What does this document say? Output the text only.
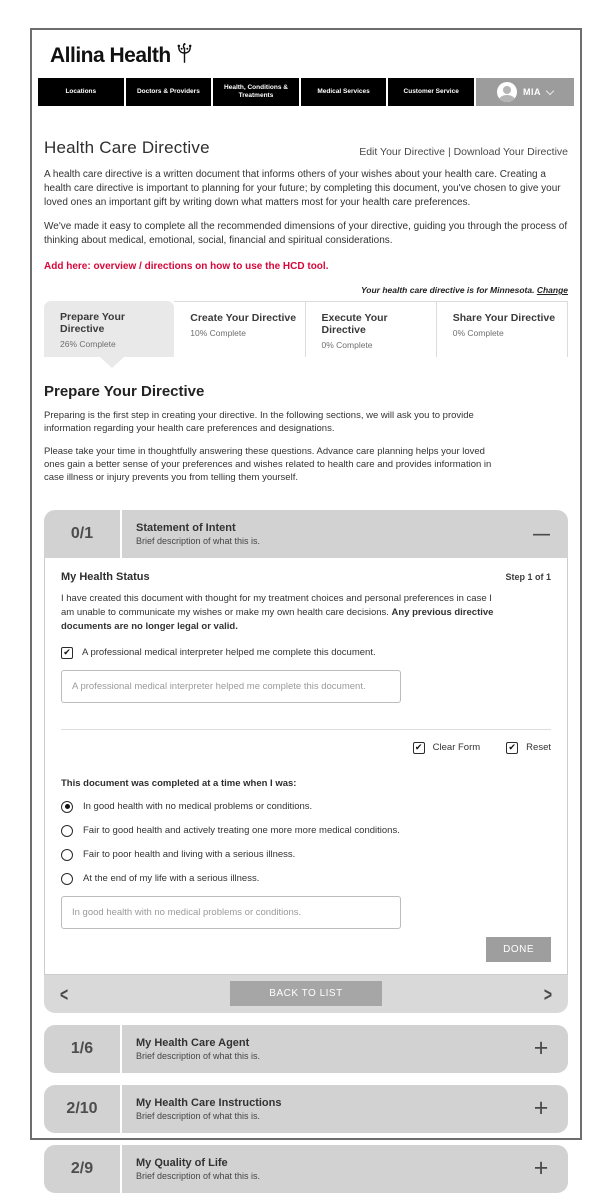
Allina Health
Locations	Doctors & Providers
Health, Conditions & Treatments
Medical Services	Customer Service	MIA
Health Care Directive	Edit Your Directive | Download Your Directive

A health care directive is a written document that informs others of your wishes about your health care. Creating a health care directive is important to planning for your future; by completing this document, you've chosen to give your loved ones an important gift by writing down what matters most for your health care preferences.

We've made it easy to complete all the recommended dimensions of your directive, guiding you through the process of thinking about medical, emotional, social, financial and spiritual considerations.

Add here: overview / directions on how to use the HCD tool.

Your health care directive is for Minnesota. Change
Prepare Your Directive
26% Complete
Create Your Directive
10% Complete
Execute Your Directive
0% Complete
Share Your Directive
0% Complete
Prepare Your Directive

Preparing is the first step in creating your directive. In the following sections, we will ask you to provide information regarding your health care preferences and designations.

Please take your time in thoughtfully answering these questions. Advance care planning helps your loved ones gain a better sense of your preferences and wishes related to health care and provides information in case illness or injury prevents you from telling them yourself.

0/1	Statement of Intent
Brief description of what this is.	—
My Health Status	Step 1 of 1

I have created this document with thought for my treatment choices and personal preferences in case I am unable to communicate my wishes or make my own health care decisions. Any previous directive documents are no longer legal or valid.

✔ A professional medical interpreter helped me complete this document.
A professional medical interpreter helped me complete this document.
✔ Clear Form	✔ Reset
This document was completed at a time when I was:
In good health with no medical problems or conditions.
Fair to good health and actively treating one more more medical conditions.
Fair to poor health and living with a serious illness.
At the end of my life with a serious illness.
In good health with no medical problems or conditions.
DONE
<	BACK TO LIST	>
1/6	My Health Care Agent
Brief description of what this is.	+
2/10	My Health Care Instructions
Brief description of what this is.	+
2/9	My Quality of Life
Brief description of what this is.	+
